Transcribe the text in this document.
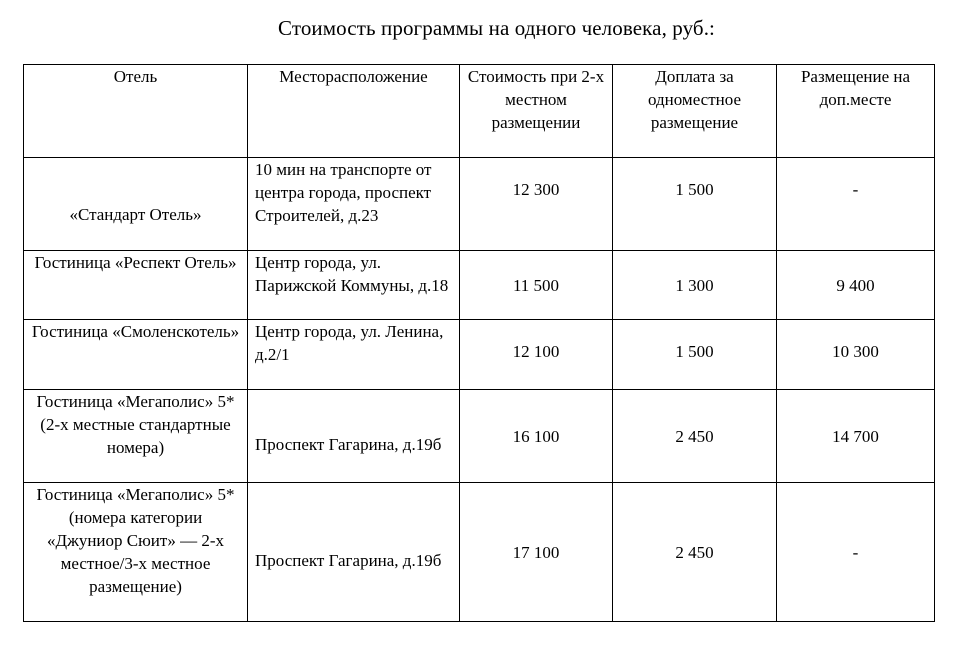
Стоимость программы на одного человека, руб.:
Отель	Месторасположение	Стоимость при 2-х местном размещении	Доплата за одноместное размещение	Размещение на доп.месте
«Стандарт Отель»	10 мин на транспорте от центра города, проспект Строителей, д.23	12 300	1 500	-
Гостиница «Респект Отель»	Центр города, ул. Парижской Коммуны, д.18	11 500	1 300	9 400
Гостиница «Смоленскотель»	Центр города, ул. Ленина, д.2/1	12 100	1 500	10 300
Гостиница «Мегаполис» 5* (2-х местные стандартные номера)	Проспект Гагарина, д.19б	16 100	2 450	14 700
Гостиница «Мегаполис» 5* (номера категории «Джуниор Сюит» — 2-х местное/3-х местное размещение)	Проспект Гагарина, д.19б	17 100	2 450	-
